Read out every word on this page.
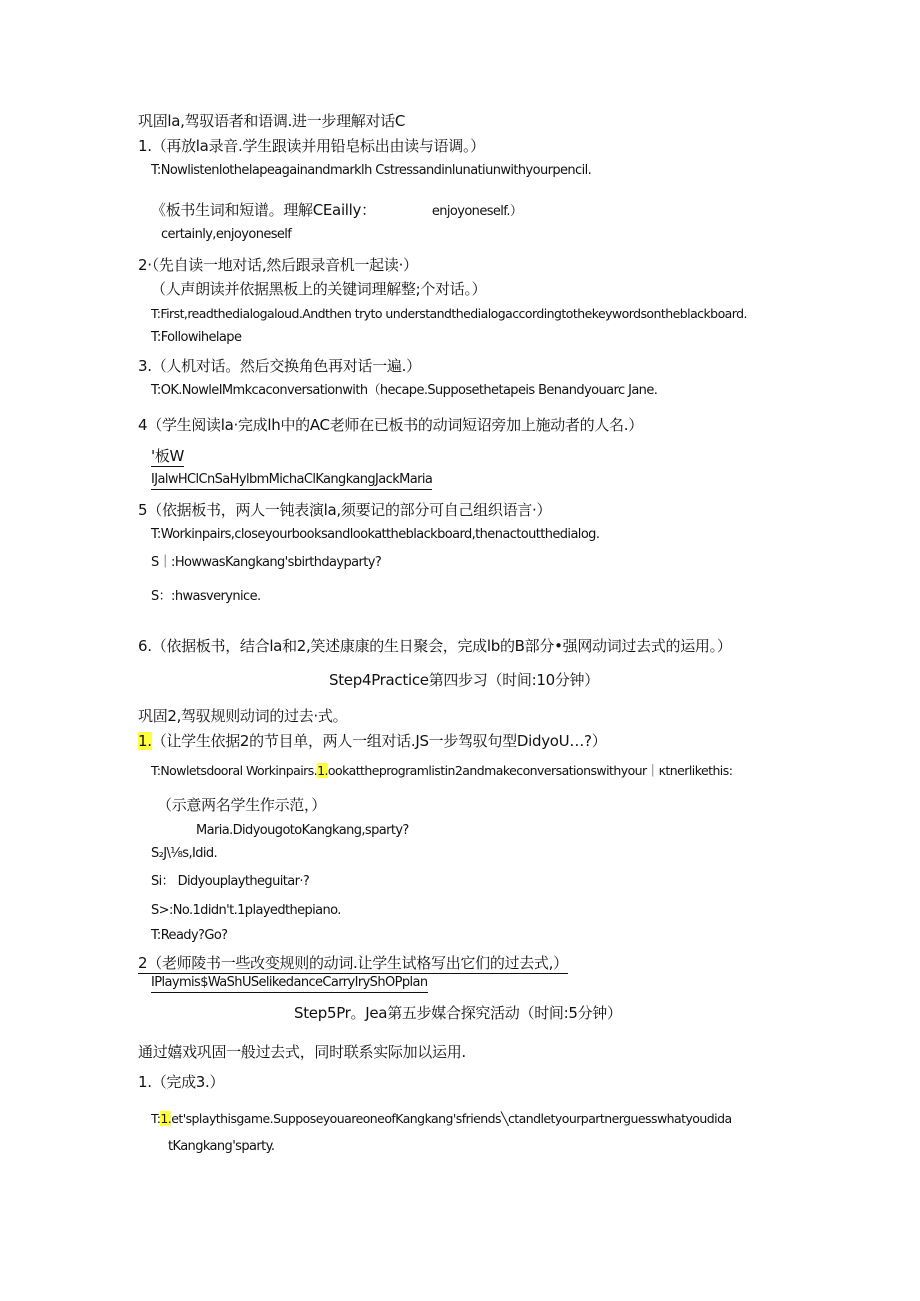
巩固la,驾驭语者和语调.进一步理解对话C
1.（再放la录音.学生跟读并用铅皂标出由读与语调。）
T:Nowlistenlothelapeagainandmarklh Cstressandinlunatiunwithyourpencil.
《板书生词和短谱。理解CEailly：	enjoyoneself.）
certainly,enjoyoneself
2·（先自读一地对话,然后跟录音机一起读·）
（人声朗读并依据黑板上的关键词理解整;个对话。）
T:First,readthedialogaloud.Andthen tryto understandthedialogaccordingtothekeywordsontheblackboard.
T:Followihelape
3.（人机对话。然后交换角色再对话一遍.）
T:OK.NowleIMmkcaconversationwith（hecape.Supposethetapeis Benandyouarc Jane.
4（学生阅读la·完成lh中的AC老师在已板书的动词短诏旁加上施动者的人名.）
'板W
IJalwHClCnSaHylbmMichaClKangkangJackMaria
5（依据板书，两人一钝表演la,须要记的部分可自己组织语言·）
T:Workinpairs,closeyourbooksandlookattheblackboard,thenactoutthedialog.
S｜:HowwasKangkang'sbirthdayparty?
S：:hwasverynice.
6.（依据板书，结合la和2,笑述康康的生日聚会，完成lb的B部分•强网动词过去式的运用。）
Step4Practice第四步习（时间:10分钟）
巩固2,驾驭规则动词的过去·式。
1.（让学生依据2的节目单，两人一组对话.JS一步驾驭句型DidyoU…?）
T:Nowletsdooral Workinpairs.1.ookattheprogramlistin2andmakeconversationswithyour｜κtnerlikethis:
（示意两名学生作示范，）
Maria.DidyougotoKangkang,sparty?
S₂J\⅛s,Idid.
Si： Didyouplaytheguitar·?
S>:No.1didn't.1playedthepiano.
T:Ready?Go?
2（老师陵书一些改变规则的动词.让学生试格写出它们的过去式,）
IPlaymis$WaShUSelikedanceCarryIryShOPplan
Step5Pr。Jea第五步媒合探究活动（时间:5分钟）
通过嬉戏巩固一般过去式，同时联系实际加以运用.
1.（完成3.）
T:1.et'splaythisgame.SupposeyouareoneofKangkang'sfriends╲ctandletyourpartnerguesswhatyoudida
tKangkang'sparty.
